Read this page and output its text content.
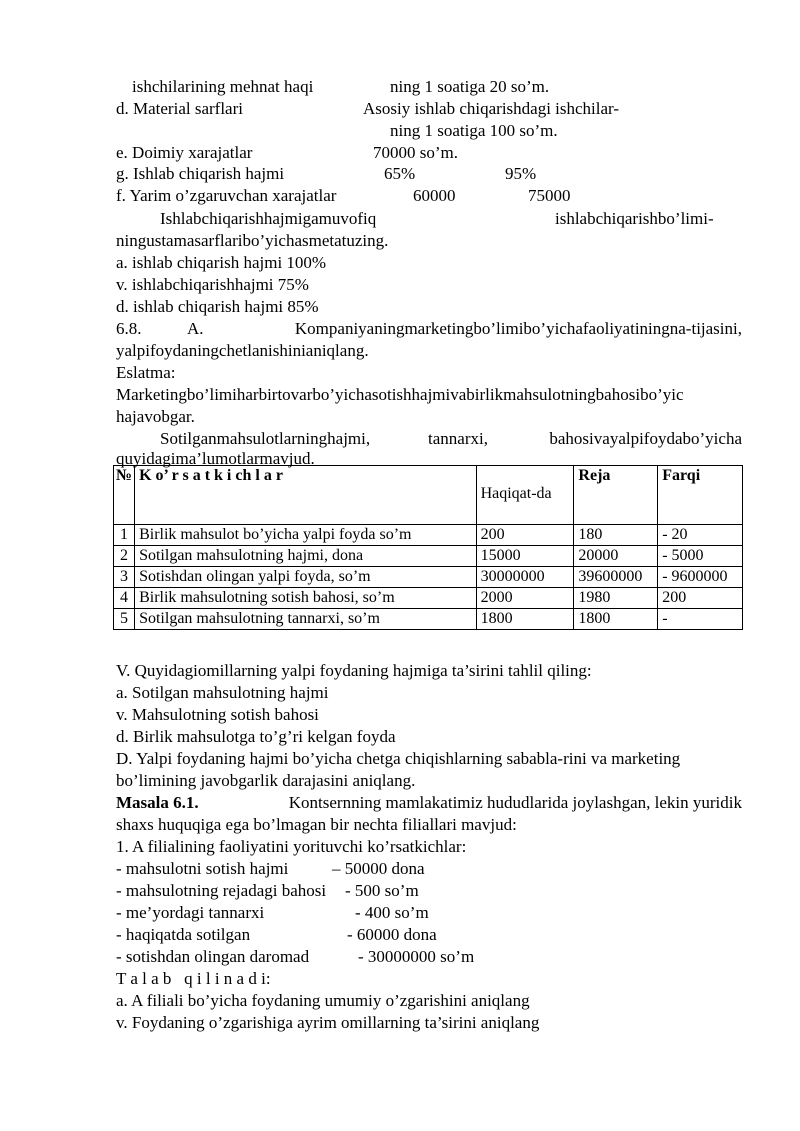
ishchilarining mehnat haqi	ning 1 soatiga 20 so’m.
d. Material sarflari	Asosiy ishlab chiqarishdagi ishchilar-
ning 1 soatiga 100 so’m.
e. Doimiy xarajatlar	70000 so’m.
g. Ishlab chiqarish hajmi	65%	95%
f. Yarim o’zgaruvchan xarajatlar	60000	75000
Ishlabchiqarishhajmigamuvofiq	ishlabchiqarishbo’limi-
ningustamasarflaribo’yichasmetatuzing.
a. ishlab chiqarish hajmi 100%
v. ishlabchiqarishhajmi 75%
d. ishlab chiqarish hajmi 85%
6.8.	A.	Kompaniyaningmarketingbo’limibo’yichafaoliyatiningna-tijasini,
yalpifoydaningchetlanishinianiqlang.
Eslatma:
Marketingbo’limiharbirtovarbo’yichasotishhajmivabirlikmahsulotningbahosibo’yic
hajavobgar.
Sotilganmahsulotlarninghajmi,	tannarxi,	bahosivayalpifoydabo’yicha
quyidagima’lumotlarmavjud.
№	K o’ r s a t k i ch l a r	Haqiqat-da	Reja	Farqi
1	Birlik mahsulot bo’yicha yalpi foyda so’m	200	180	- 20
2	Sotilgan mahsulotning hajmi, dona	15000	20000	- 5000
3	Sotishdan olingan yalpi foyda, so’m	30000000	39600000	- 9600000
4	Birlik mahsulotning sotish bahosi, so’m	2000	1980	200
5	Sotilgan mahsulotning tannarxi, so’m	1800	1800	-
V. Quyidagiomillarning yalpi foydaning hajmiga ta’sirini tahlil qiling:
a. Sotilgan mahsulotning hajmi
v. Mahsulotning sotish bahosi
d. Birlik mahsulotga to’g’ri kelgan foyda
D. Yalpi foydaning hajmi bo’yicha chetga chiqishlarning sababla-rini va marketing
bo’limining javobgarlik darajasini aniqlang.
Masala 6.1.	Kontsernning mamlakatimiz hududlarida joylashgan, lekin yuridik
shaxs huquqiga ega bo’lmagan bir nechta filiallari mavjud:
1. A filialining faoliyatini yorituvchi ko’rsatkichlar:
- mahsulotni sotish hajmi	– 50000 dona
- mahsulotning rejadagi bahosi - 500 so’m
- me’yordagi tannarxi	- 400 so’m
- haqiqatda sotilgan	- 60000 dona
- sotishdan olingan daromad	- 30000000 so’m
T a l a b   q i l i n a d i:
a. A filiali bo’yicha foydaning umumiy o’zgarishini aniqlang
v. Foydaning o’zgarishiga ayrim omillarning ta’sirini aniqlang
